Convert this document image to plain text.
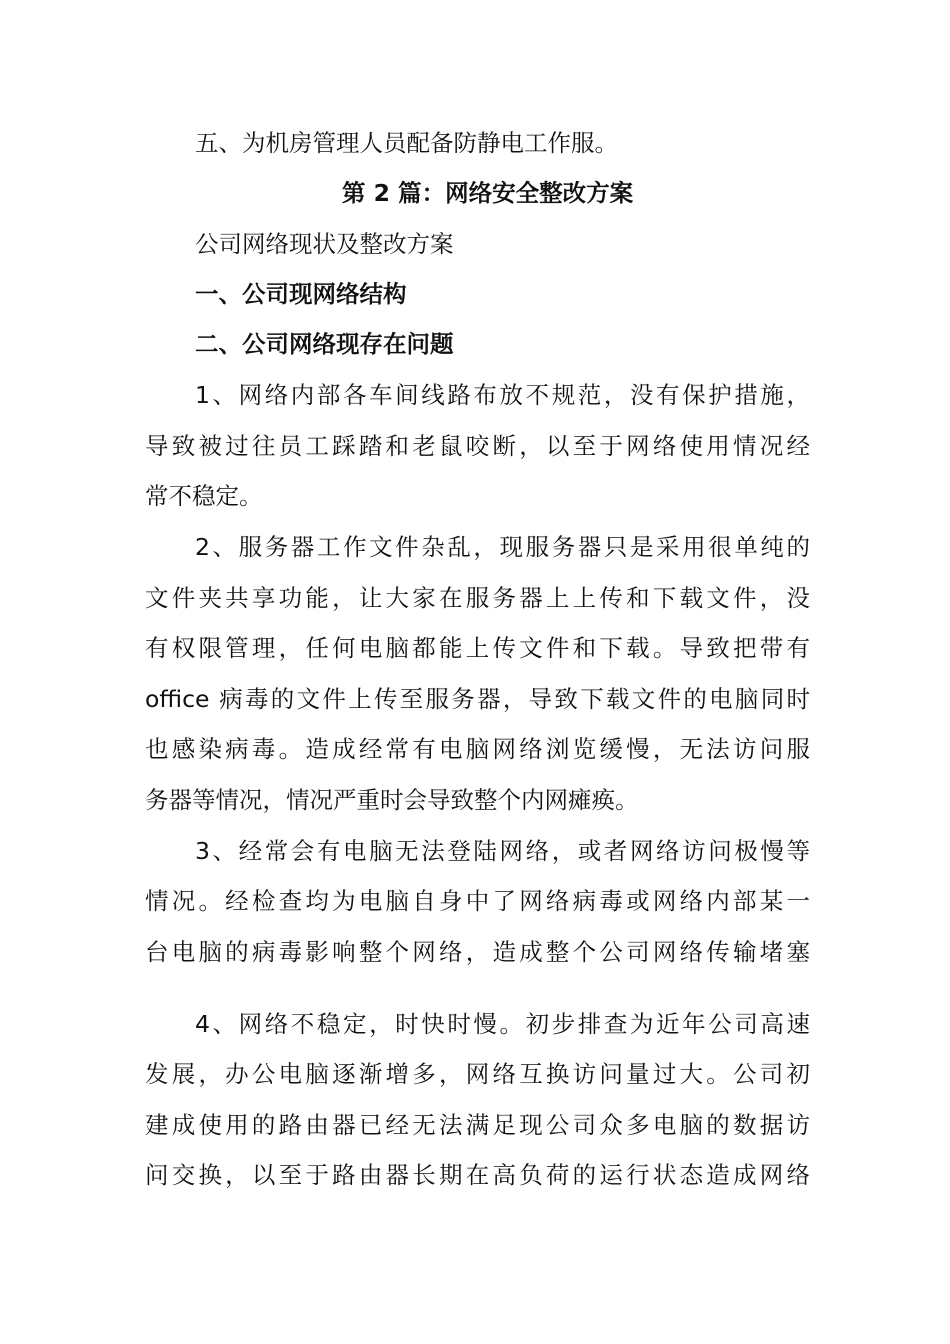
五、为机房管理人员配备防静电工作服。
第 2 篇：网络安全整改方案
公司网络现状及整改方案
一、公司现网络结构
二、公司网络现存在问题
1、网络内部各车间线路布放不规范，没有保护措施，
导致被过往员工踩踏和老鼠咬断，以至于网络使用情况经
常不稳定。
2、服务器工作文件杂乱，现服务器只是采用很单纯的
文件夹共享功能，让大家在服务器上上传和下载文件，没
有权限管理，任何电脑都能上传文件和下载。导致把带有
office 病毒的文件上传至服务器，导致下载文件的电脑同时
也感染病毒。造成经常有电脑网络浏览缓慢，无法访问服
务器等情况，情况严重时会导致整个内网瘫痪。
3、经常会有电脑无法登陆网络，或者网络访问极慢等
情况。经检查均为电脑自身中了网络病毒或网络内部某一
台电脑的病毒影响整个网络，造成整个公司网络传输堵塞
4、网络不稳定，时快时慢。初步排查为近年公司高速
发展，办公电脑逐渐增多，网络互换访问量过大。公司初
建成使用的路由器已经无法满足现公司众多电脑的数据访
问交换，以至于路由器长期在高负荷的运行状态造成网络
